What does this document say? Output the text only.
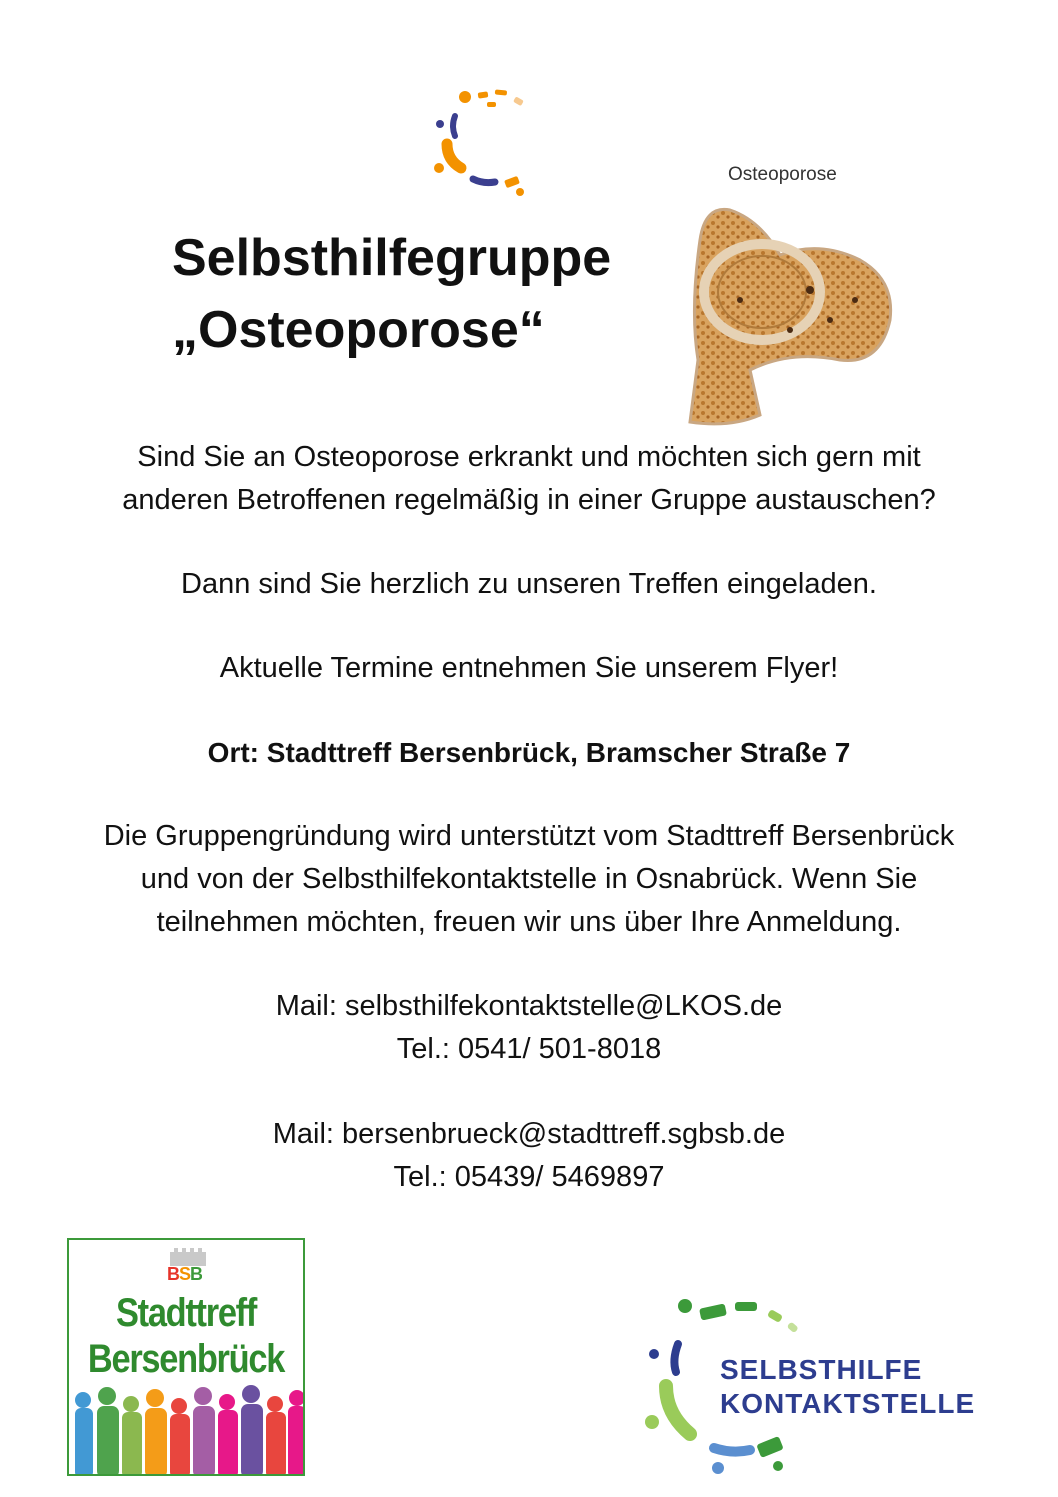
Selbsthilfegruppe
„Osteoporose“
Osteoporose

Sind Sie an Osteoporose erkrankt und möchten sich gern mit
anderen Betroffenen regelmäßig in einer Gruppe austauschen?

Dann sind Sie herzlich zu unseren Treffen eingeladen.

Aktuelle Termine entnehmen Sie unserem Flyer!

Ort: Stadttreff Bersenbrück, Bramscher Straße 7

Die Gruppengründung wird unterstützt vom Stadttreff Bersenbrück
und von der Selbsthilfekontaktstelle in Osnabrück. Wenn Sie
teilnehmen möchten, freuen wir uns über Ihre Anmeldung.

Mail: selbsthilfekontaktstelle@LKOS.de
Tel.: 0541/ 501-8018

Mail: bersenbrueck@stadttreff.sgbsb.de
Tel.: 05439/ 5469897

BSB
Stadttreff
Bersenbrück	SELBSTHILFE
KONTAKTSTELLE
